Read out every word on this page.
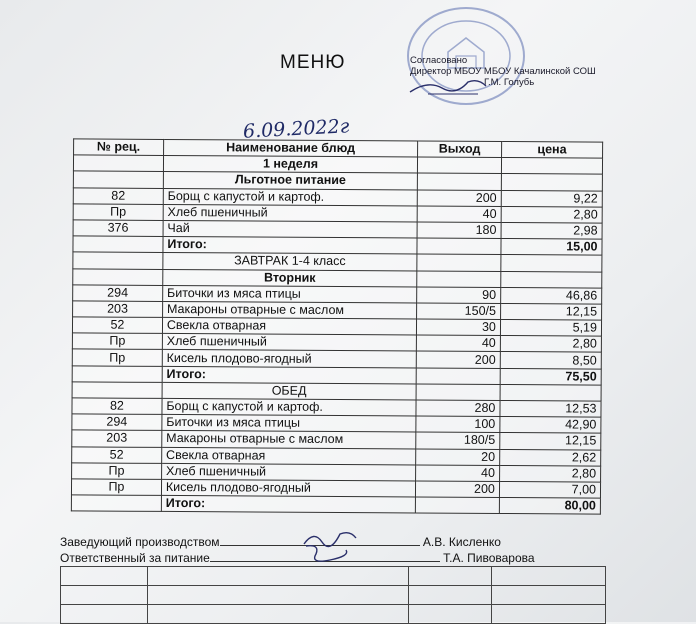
МЕНЮ	Согласовано
Директор МБОУ МБОУ Качалинской СОШ
Г.М. Голубь
6.09.2022г
№ рец.	Наименование блюд	Выход	цена
	1 неделя		
	Льготное питание		
82	Борщ с капустой и картоф.	200	9,22
Пр	Хлеб пшеничный	40	2,80
376	Чай	180	2,98
	Итого:		15,00
	ЗАВТРАК 1-4 класс		
	Вторник		
294	Биточки из мяса птицы	90	46,86
203	Макароны отварные с маслом	150/5	12,15
52	Свекла отварная	30	5,19
Пр	Хлеб пшеничный	40	2,80
Пр	Кисель плодово-ягодный	200	8,50
	Итого:		75,50
	ОБЕД		
82	Борщ с капустой и картоф.	280	12,53
294	Биточки из мяса птицы	100	42,90
203	Макароны отварные с маслом	180/5	12,15
52	Свекла отварная	20	2,62
Пр	Хлеб пшеничный	40	2,80
Пр	Кисель плодово-ягодный	200	7,00
	Итого:		80,00
Заведующий производством	А.В. Кисленко
Ответственный за питание	Т.А. Пивоварова
